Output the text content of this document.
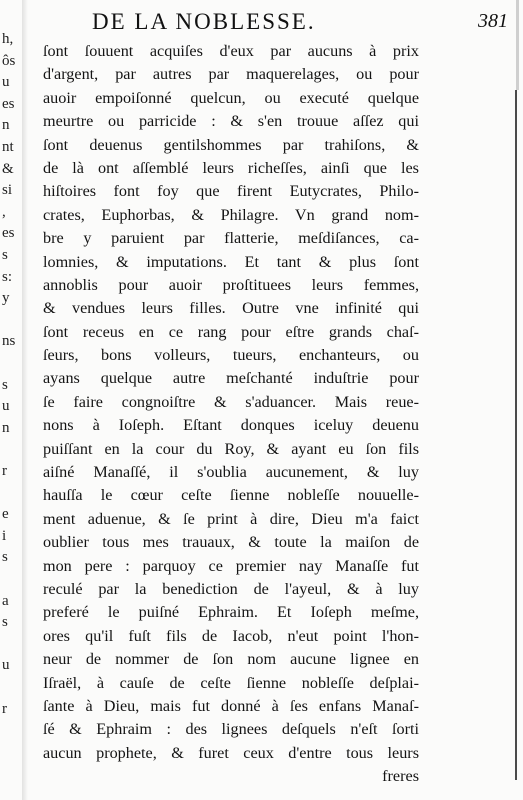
h,
ôs
u
es
n
nt
&
si
,
es
s
s:
y
ns
s
u
n
r
e
i
s
a
s
u
r
DE LA NOBLESSE.	381
ſont ſouuent acquiſes d'eux par aucuns à prix
d'argent, par autres par maquerelages, ou pour
auoir empoiſonné quelcun, ou executé quelque
meurtre ou parricide : & s'en trouue aſſez qui
ſont deuenus gentilshommes par trahiſons, &
de là ont aſſemblé leurs richeſſes, ainſi que les
hiſtoires font foy que firent Eutycrates, Philo-
crates, Euphorbas, & Philagre. Vn grand nom-
bre y paruient par flatterie, meſdiſances, ca-
lomnies, & imputations. Et tant & plus ſont
annoblis pour auoir proſtituees leurs femmes,
& vendues leurs filles. Outre vne infinité qui
ſont receus en ce rang pour eſtre grands chaſ-
ſeurs, bons volleurs, tueurs, enchanteurs, ou
ayans quelque autre meſchanté induſtrie pour
ſe faire congnoiſtre & s'aduancer. Mais reue-
nons à Ioſeph. Eſtant donques iceluy deuenu
puiſſant en la cour du Roy, & ayant eu ſon fils
aiſné Manaſſé, il s'oublia aucunement, & luy
hauſſa le cœur ceſte ſienne nobleſſe nouuelle-
ment aduenue, & ſe print à dire, Dieu m'a faict
oublier tous mes trauaux, & toute la maiſon de
mon pere : parquoy ce premier nay Manaſſe fut
reculé par la benediction de l'ayeul, & à luy
preferé le puiſné Ephraim. Et Ioſeph meſme,
ores qu'il fuſt fils de Iacob, n'eut point l'hon-
neur de nommer de ſon nom aucune lignee en
Iſraël, à cauſe de ceſte ſienne nobleſſe deſplai-
ſante à Dieu, mais fut donné à ſes enfans Manaſ-
ſé & Ephraim : des lignees deſquels n'eſt ſorti
aucun prophete, & furet ceux d'entre tous leurs
freres
